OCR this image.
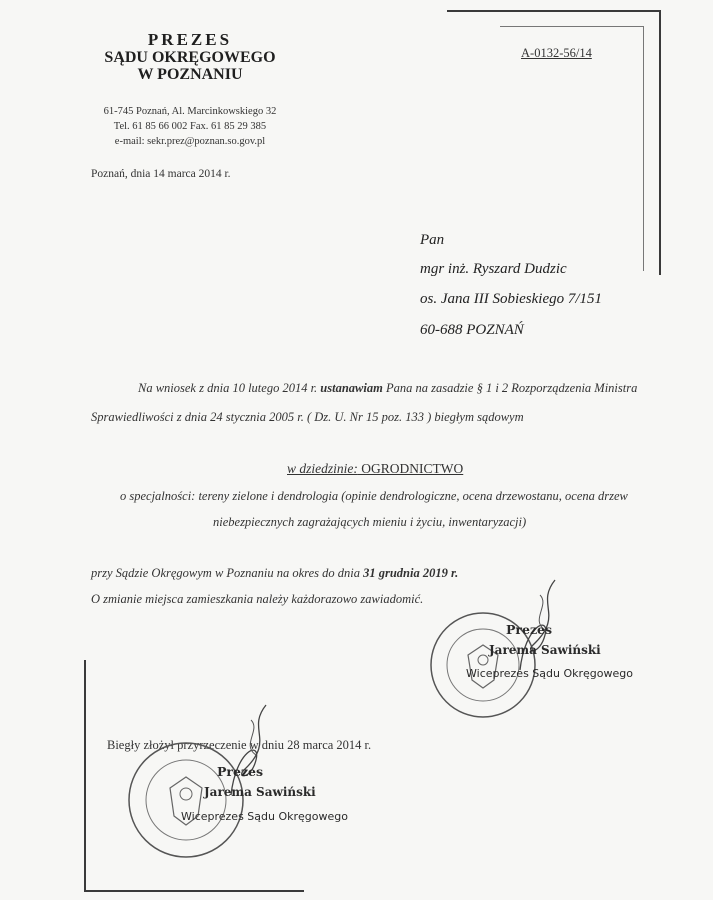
PREZES
SĄDU OKRĘGOWEGO
W POZNANIU
61-745 Poznań, Al. Marcinkowskiego 32
Tel. 61 85 66 002 Fax. 61 85 29 385
e-mail: sekr.prez@poznan.so.gov.pl
A-0132-56/14
Poznań, dnia 14 marca 2014 r.
Pan
mgr inż. Ryszard Dudzic
os. Jana III Sobieskiego 7/151
60-688 POZNAŃ
Na wniosek z dnia 10 lutego 2014 r. ustanawiam Pana na zasadzie § 1 i 2 Rozporządzenia Ministra
Sprawiedliwości z dnia 24 stycznia 2005 r. ( Dz. U. Nr 15 poz. 133 ) biegłym sądowym
w dziedzinie: OGRODNICTWO
o specjalności: tereny zielone i dendrologia (opinie dendrologiczne, ocena drzewostanu, ocena drzew
niebezpiecznych zagrażających mieniu i życiu, inwentaryzacji)
przy Sądzie Okręgowym w Poznaniu na okres do dnia 31 grudnia 2019 r.
O zmianie miejsca zamieszkania należy każdorazowo zawiadomić.
Prezes
Jarema Sawiński
Wiceprezes Sądu Okręgowego
Biegły złożył przyrzeczenie w dniu 28 marca 2014 r.
Prezes
Jarema Sawiński
Wiceprezes Sądu Okręgowego
